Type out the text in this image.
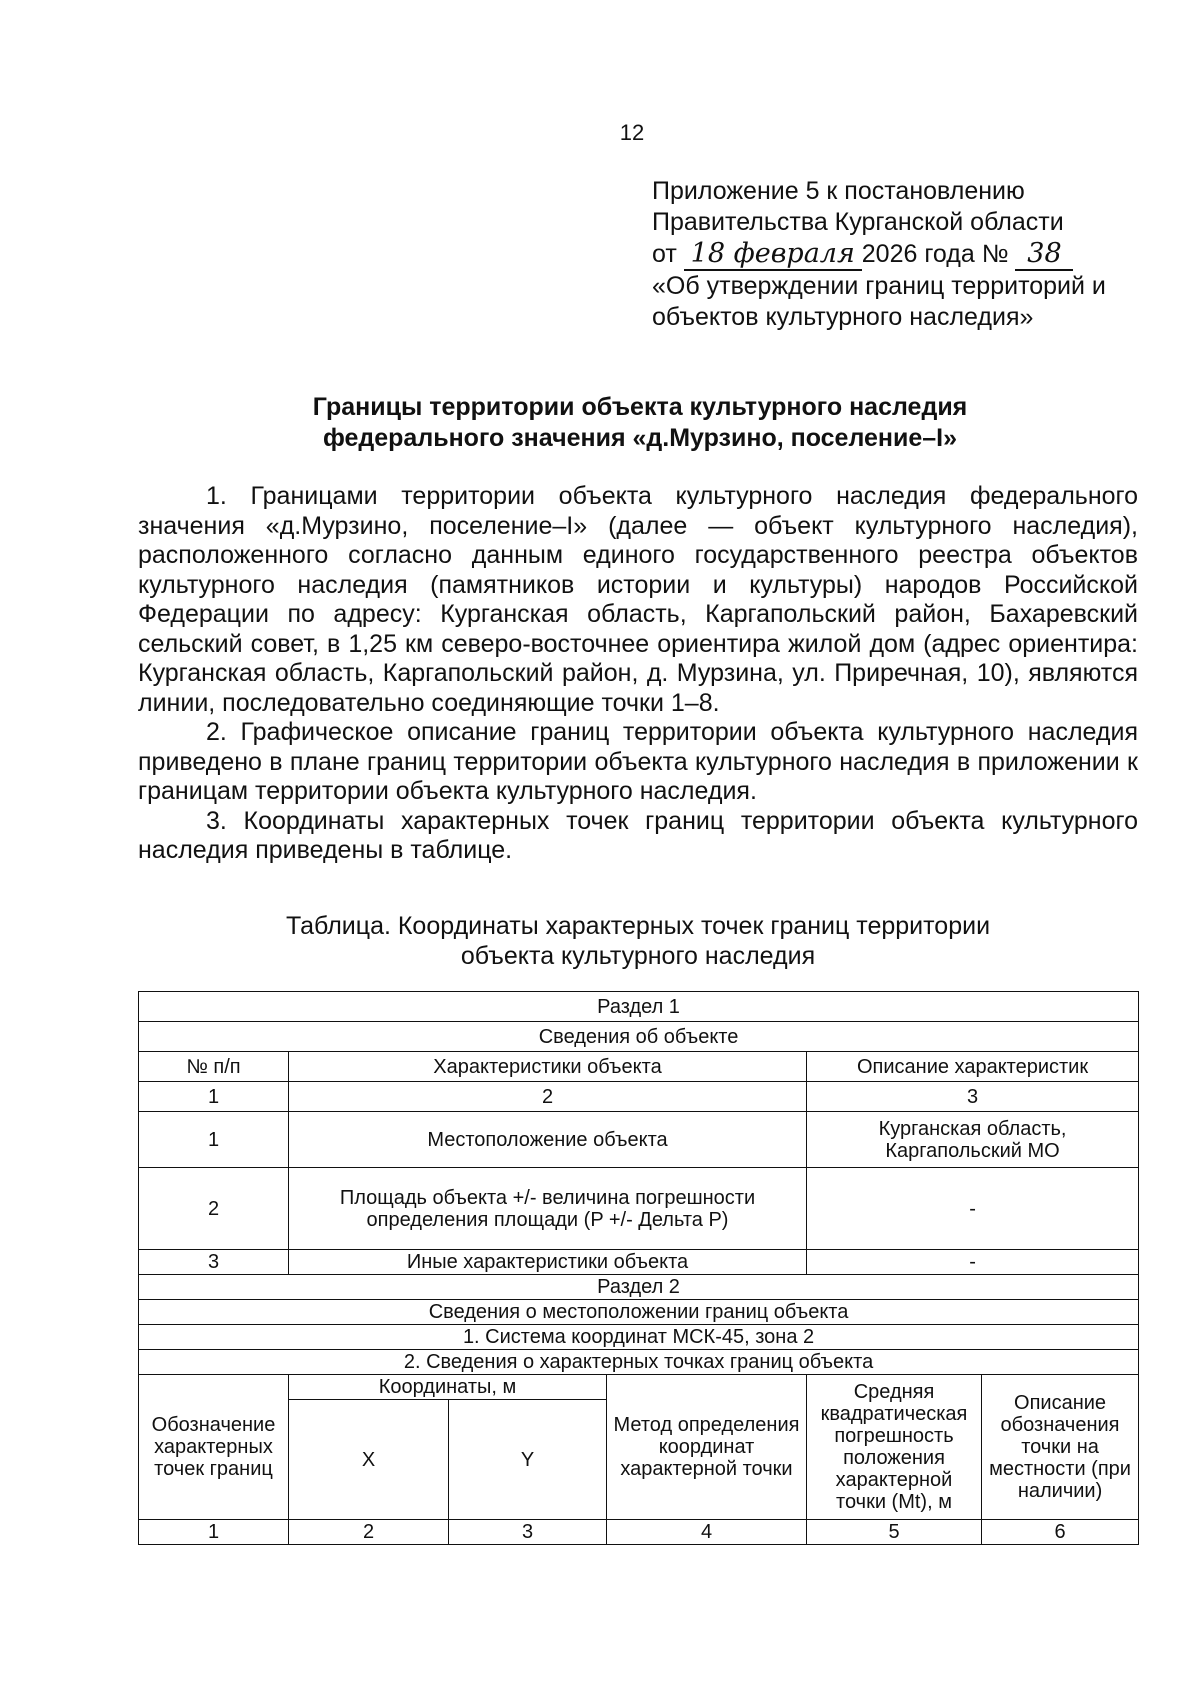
12
Приложение 5 к постановлению
Правительства Курганской области
от 18 февраля 2026 года № 38
«Об утверждении границ территорий и
объектов культурного наследия»
Границы территории объекта культурного наследия
федерального значения «д.Мурзино, поселение–I»

1. Границами территории объекта культурного наследия федерального значения «д.Мурзино, поселение–I» (далее — объект культурного наследия), расположенного согласно данным единого государственного реестра объектов культурного наследия (памятников истории и культуры) народов Российской Федерации по адресу: Курганская область, Каргапольский район, Бахаревский сельский совет, в 1,25 км северо-восточнее ориентира жилой дом (адрес ориентира: Курганская область, Каргапольский район, д. Мурзина, ул. Приречная, 10), являются линии, последовательно соединяющие точки 1–8.

2. Графическое описание границ территории объекта культурного наследия приведено в плане границ территории объекта культурного наследия в приложении к границам территории объекта культурного наследия.

3. Координаты характерных точек границ территории объекта культурного наследия приведены в таблице.

Таблица. Координаты характерных точек границ территории
объекта культурного наследия
Раздел 1					
Сведения об объекте					
№ п/п	Характеристики объекта			Описание характеристик	
1	2			3	
1	Местоположение объекта			Курганская область, Каргапольский МО	
2	Площадь объекта +/- величина погрешности определения площади (P +/- Дельта P)			-	
3	Иные характеристики объекта			-	
Раздел 2					
Сведения о местоположении границ объекта					
1. Система координат МСК-45, зона 2					
2. Сведения о характерных точках границ объекта					
Обозначение характерных точек границ	Координаты, м		Метод определения координат характерной точки	Средняя квадратическая погрешность положения характерной точки (Mt), м	Описание обозначения точки на местности (при наличии)
	X	Y			
1	2	3	4	5	6
